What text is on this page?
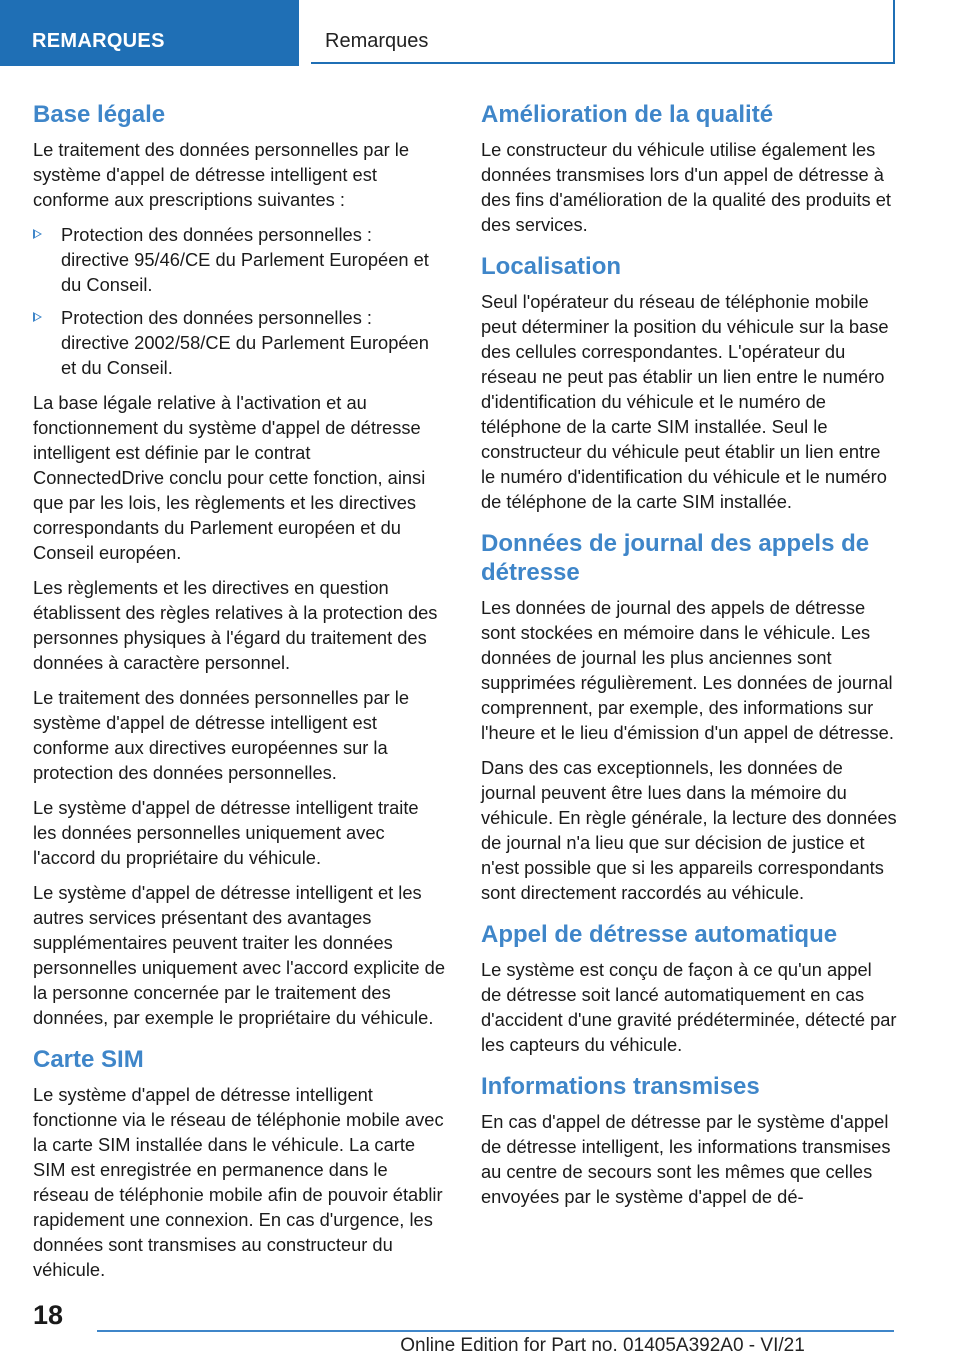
REMARQUES	Remarques
Base légale

Le traitement des données personnelles par le système d'appel de détresse intelligent est conforme aux prescriptions suivantes :

Protection des données personnelles : directive 95/46/CE du Parlement Européen et du Conseil.
Protection des données personnelles : directive 2002/58/CE du Parlement Européen et du Conseil.

La base légale relative à l'activation et au fonctionnement du système d'appel de détresse intelligent est définie par le contrat ConnectedDrive conclu pour cette fonction, ainsi que par les lois, les règlements et les directives correspondants du Parlement européen et du Conseil européen.

Les règlements et les directives en question établissent des règles relatives à la protection des personnes physiques à l'égard du traitement des données à caractère personnel.

Le traitement des données personnelles par le système d'appel de détresse intelligent est conforme aux directives européennes sur la protection des données personnelles.

Le système d'appel de détresse intelligent traite les données personnelles uniquement avec l'accord du propriétaire du véhicule.

Le système d'appel de détresse intelligent et les autres services présentant des avantages supplémentaires peuvent traiter les données personnelles uniquement avec l'accord explicite de la personne concernée par le traitement des données, par exemple le propriétaire du véhicule.

Carte SIM

Le système d'appel de détresse intelligent fonctionne via le réseau de téléphonie mobile avec la carte SIM installée dans le véhicule. La carte SIM est enregistrée en permanence dans le réseau de téléphonie mobile afin de pouvoir établir rapidement une connexion. En cas d'urgence, les données sont transmises au constructeur du véhicule.

Amélioration de la qualité

Le constructeur du véhicule utilise également les données transmises lors d'un appel de détresse à des fins d'amélioration de la qualité des produits et des services.

Localisation

Seul l'opérateur du réseau de téléphonie mobile peut déterminer la position du véhicule sur la base des cellules correspondantes. L'opérateur du réseau ne peut pas établir un lien entre le numéro d'identification du véhicule et le numéro de téléphone de la carte SIM installée. Seul le constructeur du véhicule peut établir un lien entre le numéro d'identification du véhicule et le numéro de téléphone de la carte SIM installée.

Données de journal des appels de détresse

Les données de journal des appels de détresse sont stockées en mémoire dans le véhicule. Les données de journal les plus anciennes sont supprimées régulièrement. Les données de journal comprennent, par exemple, des informations sur l'heure et le lieu d'émission d'un appel de détresse.

Dans des cas exceptionnels, les données de journal peuvent être lues dans la mémoire du véhicule. En règle générale, la lecture des données de journal n'a lieu que sur décision de justice et n'est possible que si les appareils correspondants sont directement raccordés au véhicule.

Appel de détresse automatique

Le système est conçu de façon à ce qu'un appel de détresse soit lancé automatiquement en cas d'accident d'une gravité prédéterminée, détecté par les capteurs du véhicule.

Informations transmises

En cas d'appel de détresse par le système d'appel de détresse intelligent, les informations transmises au centre de secours sont les mêmes que celles envoyées par le système d'appel de dé-

18
Online Edition for Part no. 01405A392A0 - VI/21
